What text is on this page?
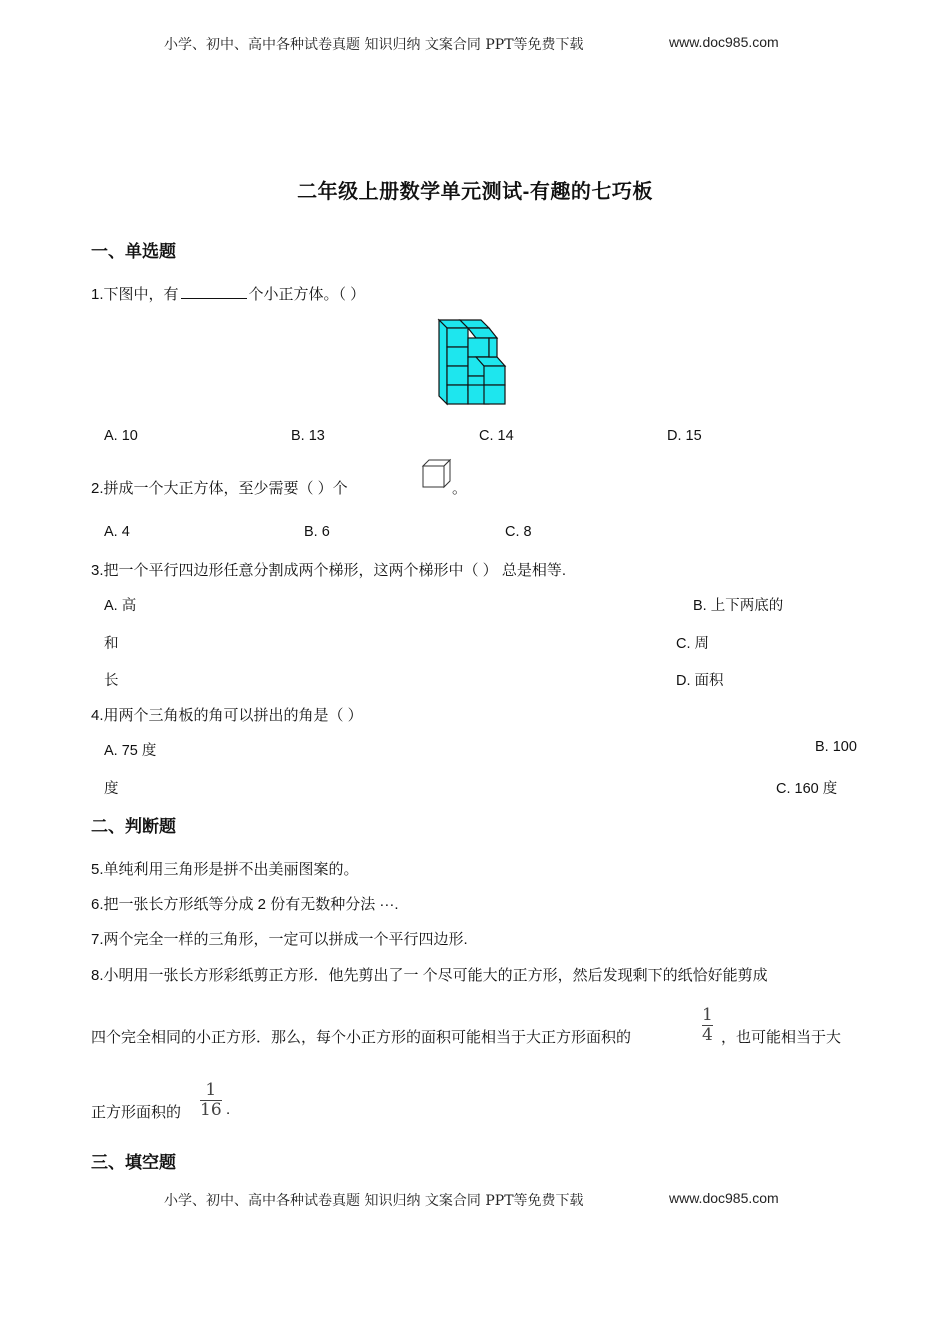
小学、初中、高中各种试卷真题 知识归纳 文案合同 PPT等免费下载	www.doc985.com
二年级上册数学单元测试-有趣的七巧板
一、单选题
1.下图中，有	个小正方体。（ ）
A. 10	B. 13	C. 14	D. 15
2.拼成一个大正方体，至少需要（ ）个	。
A. 4	B. 6	C. 8
3.把一个平行四边形任意分割成两个梯形，这两个梯形中（ ） 总是相等.
A. 高	B. 上下两底的
和	C. 周
长	D. 面积
4.用两个三角板的角可以拼出的角是（ ）
A. 75 度	B. 100
度	C. 160 度
二、判断题
5.单纯利用三角形是拼不出美丽图案的。
6.把一张长方形纸等分成 2 份有无数种分法 ···.
7.两个完全一样的三角形，一定可以拼成一个平行四边形.
8.小明用一张长方形彩纸剪正方形．他先剪出了一 个尽可能大的正方形，然后发现剩下的纸恰好能剪成
四个完全相同的小正方形．那么，每个小正方形的面积可能相当于大正方形面积的
1
4 ，也可能相当于大
正方形面积的
1
16 .
三、填空题
小学、初中、高中各种试卷真题 知识归纳 文案合同 PPT等免费下载	www.doc985.com
